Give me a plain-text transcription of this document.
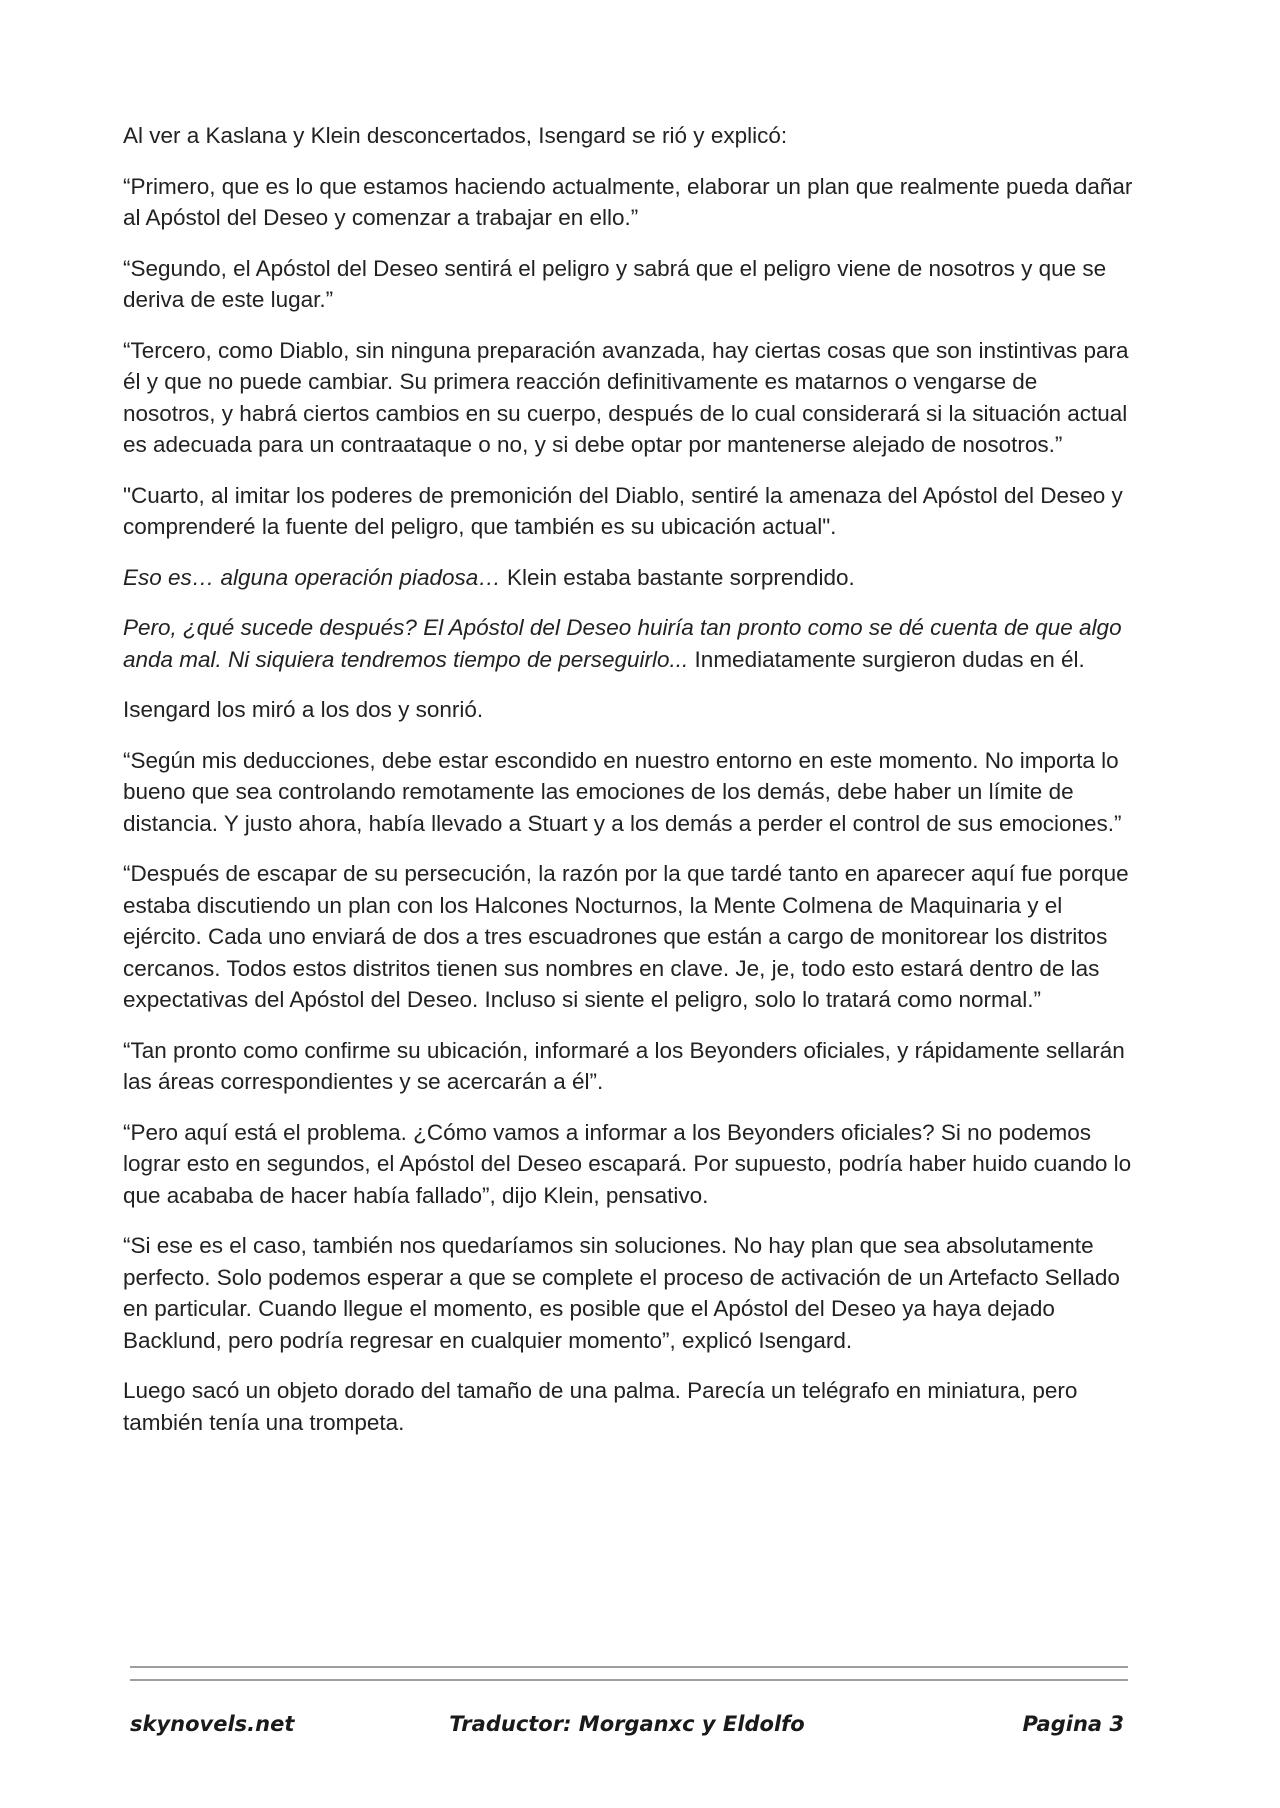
Al ver a Kaslana y Klein desconcertados, Isengard se rió y explicó:

“Primero, que es lo que estamos haciendo actualmente, elaborar un plan que realmente pueda dañar al Apóstol del Deseo y comenzar a trabajar en ello.”

“Segundo, el Apóstol del Deseo sentirá el peligro y sabrá que el peligro viene de nosotros y que se deriva de este lugar.”

“Tercero, como Diablo, sin ninguna preparación avanzada, hay ciertas cosas que son instintivas para él y que no puede cambiar. Su primera reacción definitivamente es matarnos o vengarse de nosotros, y habrá ciertos cambios en su cuerpo, después de lo cual considerará si la situación actual es adecuada para un contraataque o no, y si debe optar por mantenerse alejado de nosotros.”

"Cuarto, al imitar los poderes de premonición del Diablo, sentiré la amenaza del Apóstol del Deseo y comprenderé la fuente del peligro, que también es su ubicación actual".

Eso es… alguna operación piadosa… Klein estaba bastante sorprendido.

Pero, ¿qué sucede después? El Apóstol del Deseo huiría tan pronto como se dé cuenta de que algo anda mal. Ni siquiera tendremos tiempo de perseguirlo... Inmediatamente surgieron dudas en él.

Isengard los miró a los dos y sonrió.

“Según mis deducciones, debe estar escondido en nuestro entorno en este momento. No importa lo bueno que sea controlando remotamente las emociones de los demás, debe haber un límite de distancia. Y justo ahora, había llevado a Stuart y a los demás a perder el control de sus emociones.”

“Después de escapar de su persecución, la razón por la que tardé tanto en aparecer aquí fue porque estaba discutiendo un plan con los Halcones Nocturnos, la Mente Colmena de Maquinaria y el ejército. Cada uno enviará de dos a tres escuadrones que están a cargo de monitorear los distritos cercanos. Todos estos distritos tienen sus nombres en clave. Je, je, todo esto estará dentro de las expectativas del Apóstol del Deseo. Incluso si siente el peligro, solo lo tratará como normal.”

“Tan pronto como confirme su ubicación, informaré a los Beyonders oficiales, y rápidamente sellarán las áreas correspondientes y se acercarán a él”.

“Pero aquí está el problema. ¿Cómo vamos a informar a los Beyonders oficiales? Si no podemos lograr esto en segundos, el Apóstol del Deseo escapará. Por supuesto, podría haber huido cuando lo que acababa de hacer había fallado”, dijo Klein, pensativo.

“Si ese es el caso, también nos quedaríamos sin soluciones. No hay plan que sea absolutamente perfecto. Solo podemos esperar a que se complete el proceso de activación de un Artefacto Sellado en particular. Cuando llegue el momento, es posible que el Apóstol del Deseo ya haya dejado Backlund, pero podría regresar en cualquier momento”, explicó Isengard.

Luego sacó un objeto dorado del tamaño de una palma. Parecía un telégrafo en miniatura, pero también tenía una trompeta.

skynovels.net	Traductor: Morganxc y Eldolfo	Pagina 3
